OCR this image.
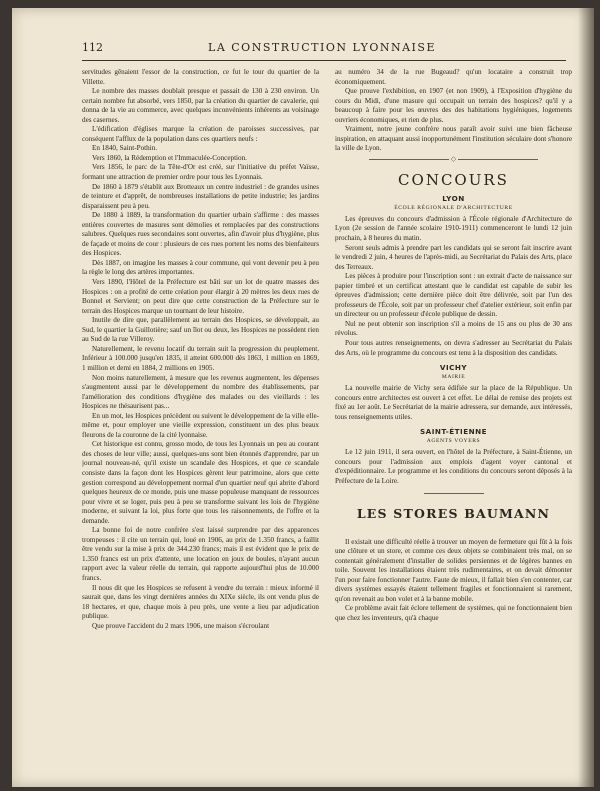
112	LA CONSTRUCTION LYONNAISE

servitudes gênaient l'essor de la construction, ce fut le tour du quartier de la Villette.

Le nombre des masses doublait presque et passait de 130 à 230 environ. Un certain nombre fut absorbé, vers 1850, par la création du quartier de cavalerie, qui donna de la vie au commerce, avec quelques inconvénients inhérents au voisinage des casernes.

L'édification d'églises marque la création de paroisses successives, par conséquent l'afflux de la population dans ces quartiers neufs :

En 1840, Saint-Pothin.

Vers 1860, la Rédemption et l'Immaculée-Conception.

Vers 1856, le parc de la Tête-d'Or est créé, sur l'initiative du préfet Vaïsse, formant une attraction de premier ordre pour tous les Lyonnais.

De 1860 à 1879 s'établit aux Brotteaux un centre industriel : de grandes usines de teinture et d'apprêt, de nombreuses installations de petite industrie; les jardins disparaissent peu à peu.

De 1880 à 1889, la transformation du quartier urbain s'affirme : des masses entières couvertes de masures sont démolies et remplacées par des constructions salubres. Quelques rues secondaires sont ouvertes, afin d'avoir plus d'hygiène, plus de façade et moins de cour : plusieurs de ces rues portent les noms des bienfaiteurs des Hospices.

Dès 1887, on imagine les masses à cour commune, qui vont devenir peu à peu la règle le long des artères importantes.

Vers 1890, l'Hôtel de la Préfecture est bâti sur un lot de quatre masses des Hospices : on a profité de cette création pour élargir à 20 mètres les deux rues de Bonnel et Servient; on peut dire que cette construction de la Préfecture sur le terrain des Hospices marque un tournant de leur histoire.

Inutile de dire que, parallèlement au terrain des Hospices, se développait, au Sud, le quartier la Guillotière; sauf un îlot ou deux, les Hospices ne possèdent rien au Sud de la rue Villeroy.

Naturellement, le revenu locatif du terrain suit la progression du peuplement. Inférieur à 100.000 jusqu'en 1835, il atteint 600.000 dès 1863, 1 million en 1869, 1 million et demi en 1884, 2 millions en 1905.

Non moins naturellement, à mesure que les revenus augmentent, les dépenses s'augmentent aussi par le développement du nombre des établissements, par l'amélioration des conditions d'hygiène des malades ou des vieillards : les Hospices ne thésaurisent pas...

En un mot, les Hospices précèdent ou suivent le développement de la ville elle-même et, pour employer une vieille expression, constituent un des plus beaux fleurons de la couronne de la cité lyonnaise.

Cet historique est connu, grosso modo, de tous les Lyonnais un peu au courant des choses de leur ville; aussi, quelques-uns sont bien étonnés d'apprendre, par un journal nouveau-né, qu'il existe un scandale des Hospices, et que ce scandale consiste dans la façon dont les Hospices gèrent leur patrimoine, alors que cette gestion correspond au développement normal d'un quartier neuf qui abrite d'abord quelques heureux de ce monde, puis une masse populeuse manquant de ressources pour vivre et se loger, puis peu à peu se transforme suivant les lois de l'hygiène moderne, et suivant la loi, plus forte que tous les raisonnements, de l'offre et la demande.

La bonne foi de notre confrère s'est laissé surprendre par des apparences trompeuses : il cite un terrain qui, loué en 1906, au prix de 1.350 francs, a faillit être vendu sur la mise à prix de 344.230 francs; mais il est évident que le prix de 1.350 francs est un prix d'attente, une location en joux de boules, n'ayant aucun rapport avec la valeur réelle du terrain, qui rapporte aujourd'hui plus de 10.000 francs.

Il nous dit que les Hospices se refusent à vendre du terrain : mieux informé il saurait que, dans les vingt dernières années du XIXe siècle, ils ont vendu plus de 18 hectares, et que, chaque mois à peu près, une vente a lieu par adjudication publique.

Que prouve l'accident du 2 mars 1906, une maison s'écroulant

au numéro 34 de la rue Bugeaud? qu'un locataire a construit trop économiquement.

Que prouve l'exhibition, en 1907 (et non 1909), à l'Exposition d'hygiène du cours du Midi, d'une masure qui occupait un terrain des hospices? qu'il y a beaucoup à faire pour les œuvres des des habitations hygiéniques, logements ouvriers économiques, et rien de plus.

Vraiment, notre jeune confrère nous paraît avoir suivi une bien fâcheuse inspiration, en attaquant aussi inopportunément l'institution séculaire dont s'honore la ville de Lyon.

◇
CONCOURS
LYON
ÉCOLE RÉGIONALE D'ARCHITECTURE

Les épreuves du concours d'admission à l'École régionale d'Architecture de Lyon (2e session de l'année scolaire 1910-1911) commenceront le lundi 12 juin prochain, à 8 heures du matin.

Seront seuls admis à prendre part les candidats qui se seront fait inscrire avant le vendredi 2 juin, 4 heures de l'après-midi, au Secrétariat du Palais des Arts, place des Terreaux.

Les pièces à produire pour l'inscription sont : un extrait d'acte de naissance sur papier timbré et un certificat attestant que le candidat est capable de subir les épreuves d'admission; cette dernière pièce doit être délivrée, soit par l'un des professeurs de l'École, soit par un professeur chef d'atelier extérieur, soit enfin par un directeur ou un professeur d'école publique de dessin.

Nul ne peut obtenir son inscription s'il a moins de 15 ans ou plus de 30 ans révolus.

Pour tous autres renseignements, on devra s'adresser au Secrétariat du Palais des Arts, où le programme du concours est tenu à la disposition des candidats.

VICHY
MAIRIE

La nouvelle mairie de Vichy sera édifiée sur la place de la République. Un concours entre architectes est ouvert à cet effet. Le délai de remise des projets est fixé au 1er août. Le Secrétariat de la mairie adressera, sur demande, aux intéressés, tous renseignements utiles.

SAINT-ÉTIENNE
AGENTS VOYERS

Le 12 juin 1911, il sera ouvert, en l'hôtel de la Préfecture, à Saint-Étienne, un concours pour l'admission aux emplois d'agent voyer cantonal et d'expéditionnaire. Le programme et les conditions du concours seront déposés à la Préfecture de la Loire.

LES STORES BAUMANN

Il existait une difficulté réelle à trouver un moyen de fermeture qui fût à la fois une clôture et un store, et comme ces deux objets se combinaient très mal, on se contentait généralement d'installer de solides persiennes et de légères bannes en toile. Souvent les installations étaient très rudimentaires, et on devait démonter l'un pour faire fonctionner l'autre. Faute de mieux, il fallait bien s'en contenter, car divers systèmes essayés étaient tellement fragiles et fonctionnaient si rarement, qu'on revenait au bon volet et à la banne mobile.

Ce problème avait fait éclore tellement de systèmes, qui ne fonctionnaient bien que chez les inventeurs, qu'à chaque
